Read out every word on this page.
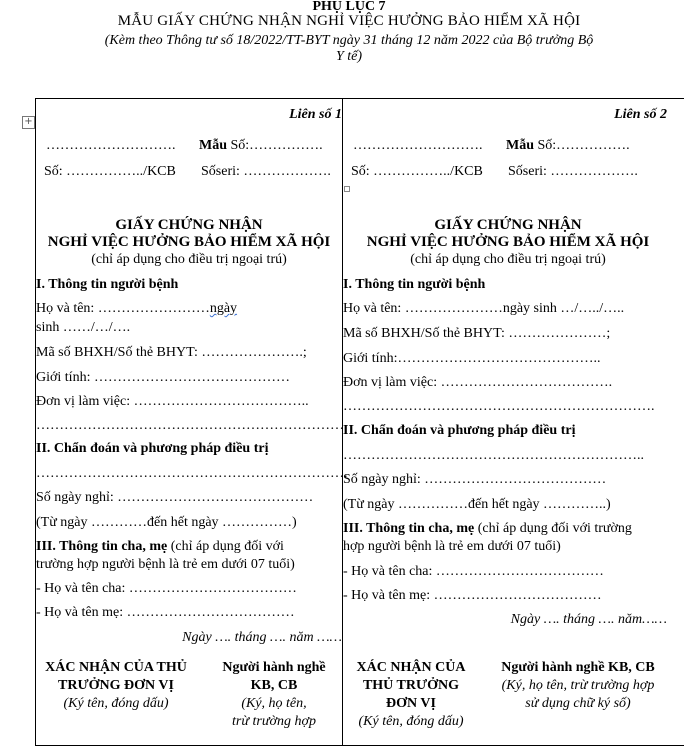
PHỤ LỤC 7
MẪU GIẤY CHỨNG NHẬN NGHỈ VIỆC HƯỞNG BẢO HIỂM XÃ HỘI
(Kèm theo Thông tư số 18/2022/TT-BYT ngày 31 tháng 12 năm 2022 của Bộ trưởng Bộ
Y tế)
+	Liên số 1
………………………. Mẫu Số:…………….
Số: ……………../KCB Sốseri: ……………….
GIẤY CHỨNG NHẬN
NGHỈ VIỆC HƯỞNG BẢO HIỂM XÃ HỘI
(chỉ áp dụng cho điều trị ngoại trú)
I. Thông tin người bệnh
Họ và tên: ……………………ngày
sinh ……/…/….
Mã số BHXH/Số thẻ BHYT: ………………….;
Giới tính: ……………………………………
Đơn vị làm việc: ………………………………..
………………………………………………………….
II. Chẩn đoán và phương pháp điều trị
………………………………………………………….
Số ngày nghỉ: ……………………………………
(Từ ngày …………đến hết ngày ……………)
III. Thông tin cha, mẹ (chỉ áp dụng đối với
trường hợp người bệnh là trẻ em dưới 07 tuổi)
- Họ và tên cha: ………………………………
- Họ và tên mẹ: ………………………………
Ngày …. tháng …. năm ……
XÁC NHẬN CỦA THỦ
TRƯỞNG ĐƠN VỊ
(Ký tên, đóng dấu)
Người hành nghề
KB, CB
(Ký, họ tên,
trừ trường hợp
Liên số 2
………………………. Mẫu Số:…………….
Số: ……………../KCB Sốseri: ……………….
GIẤY CHỨNG NHẬN
NGHỈ VIỆC HƯỞNG BẢO HIỂM XÃ HỘI
(chỉ áp dụng cho điều trị ngoại trú)
I. Thông tin người bệnh
Họ và tên: …………………ngày sinh …/…../…..
Mã số BHXH/Số thẻ BHYT: …………………;
Giới tính:……………………………………..
Đơn vị làm việc: ……………………………….
………………………………………………………….
II. Chẩn đoán và phương pháp điều trị
………………………………………………………..
Số ngày nghỉ: …………………………………
(Từ ngày ……………đến hết ngày …………..)
III. Thông tin cha, mẹ (chỉ áp dụng đối với trường
hợp người bệnh là trẻ em dưới 07 tuổi)
- Họ và tên cha: ………………………………
- Họ và tên mẹ: ………………………………
Ngày …. tháng …. năm……
XÁC NHẬN CỦA
THỦ TRƯỞNG
ĐƠN VỊ
(Ký tên, đóng dấu)
Người hành nghề KB, CB
(Ký, họ tên, trừ trường hợp
sử dụng chữ ký số)
